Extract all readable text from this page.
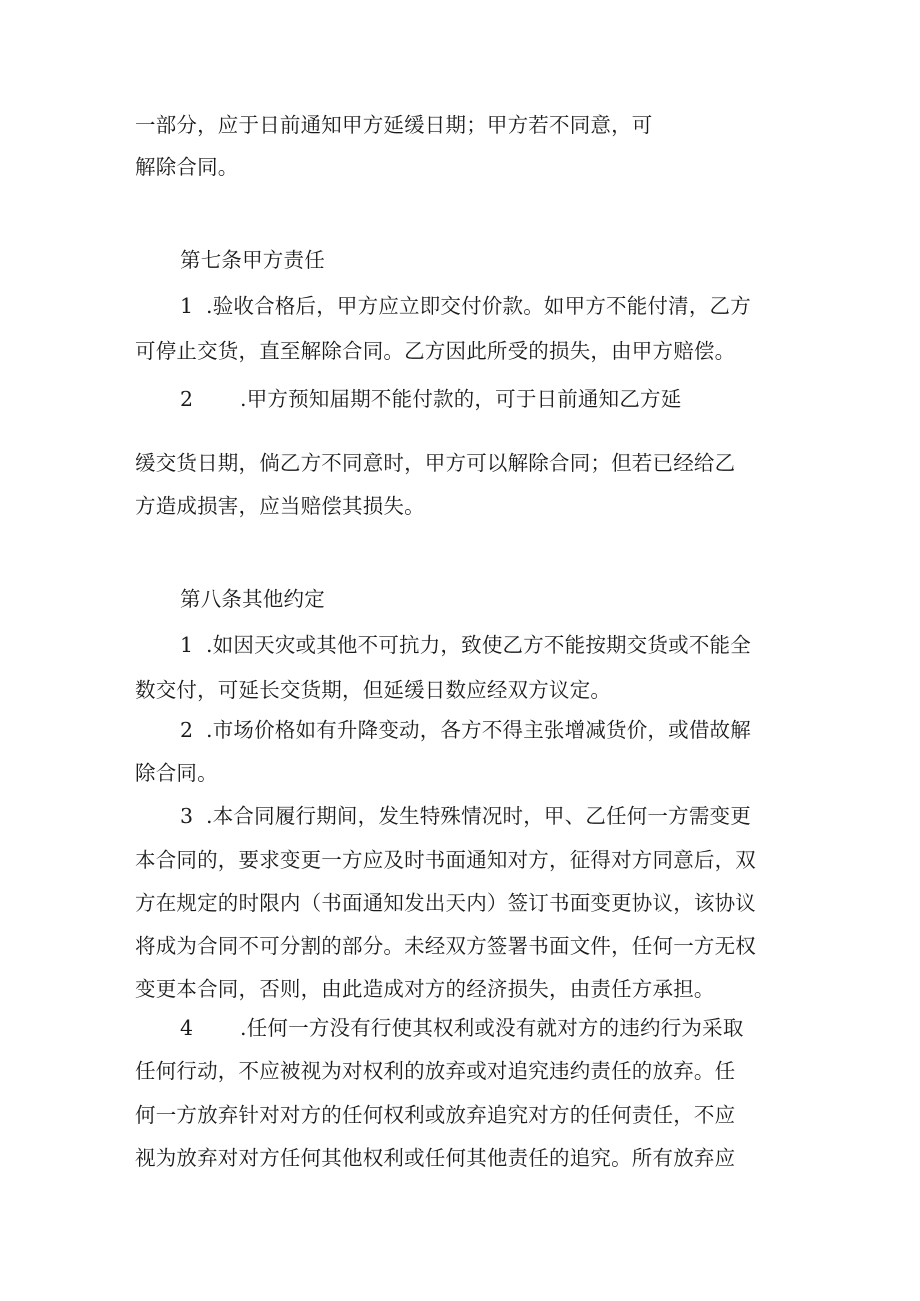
一部分，应于日前通知甲方延缓日期；甲方若不同意，可
解除合同。
第七条甲方责任
1 .验收合格后，甲方应立即交付价款。如甲方不能付清，乙方
可停止交货，直至解除合同。乙方因此所受的损失，由甲方赔偿。
2 .甲方预知届期不能付款的，可于日前通知乙方延
缓交货日期，倘乙方不同意时，甲方可以解除合同；但若已经给乙
方造成损害，应当赔偿其损失。
第八条其他约定
1 .如因天灾或其他不可抗力，致使乙方不能按期交货或不能全
数交付，可延长交货期，但延缓日数应经双方议定。
2 .市场价格如有升降变动，各方不得主张增减货价，或借故解
除合同。
3 .本合同履行期间，发生特殊情况时，甲、乙任何一方需变更
本合同的，要求变更一方应及时书面通知对方，征得对方同意后，双
方在规定的时限内（书面通知发出天内）签订书面变更协议，该协议
将成为合同不可分割的部分。未经双方签署书面文件，任何一方无权
变更本合同，否则，由此造成对方的经济损失，由责任方承担。
4 .任何一方没有行使其权利或没有就对方的违约行为采取
任何行动，不应被视为对权利的放弃或对追究违约责任的放弃。任
何一方放弃针对对方的任何权利或放弃追究对方的任何责任，不应
视为放弃对对方任何其他权利或任何其他责任的追究。所有放弃应
